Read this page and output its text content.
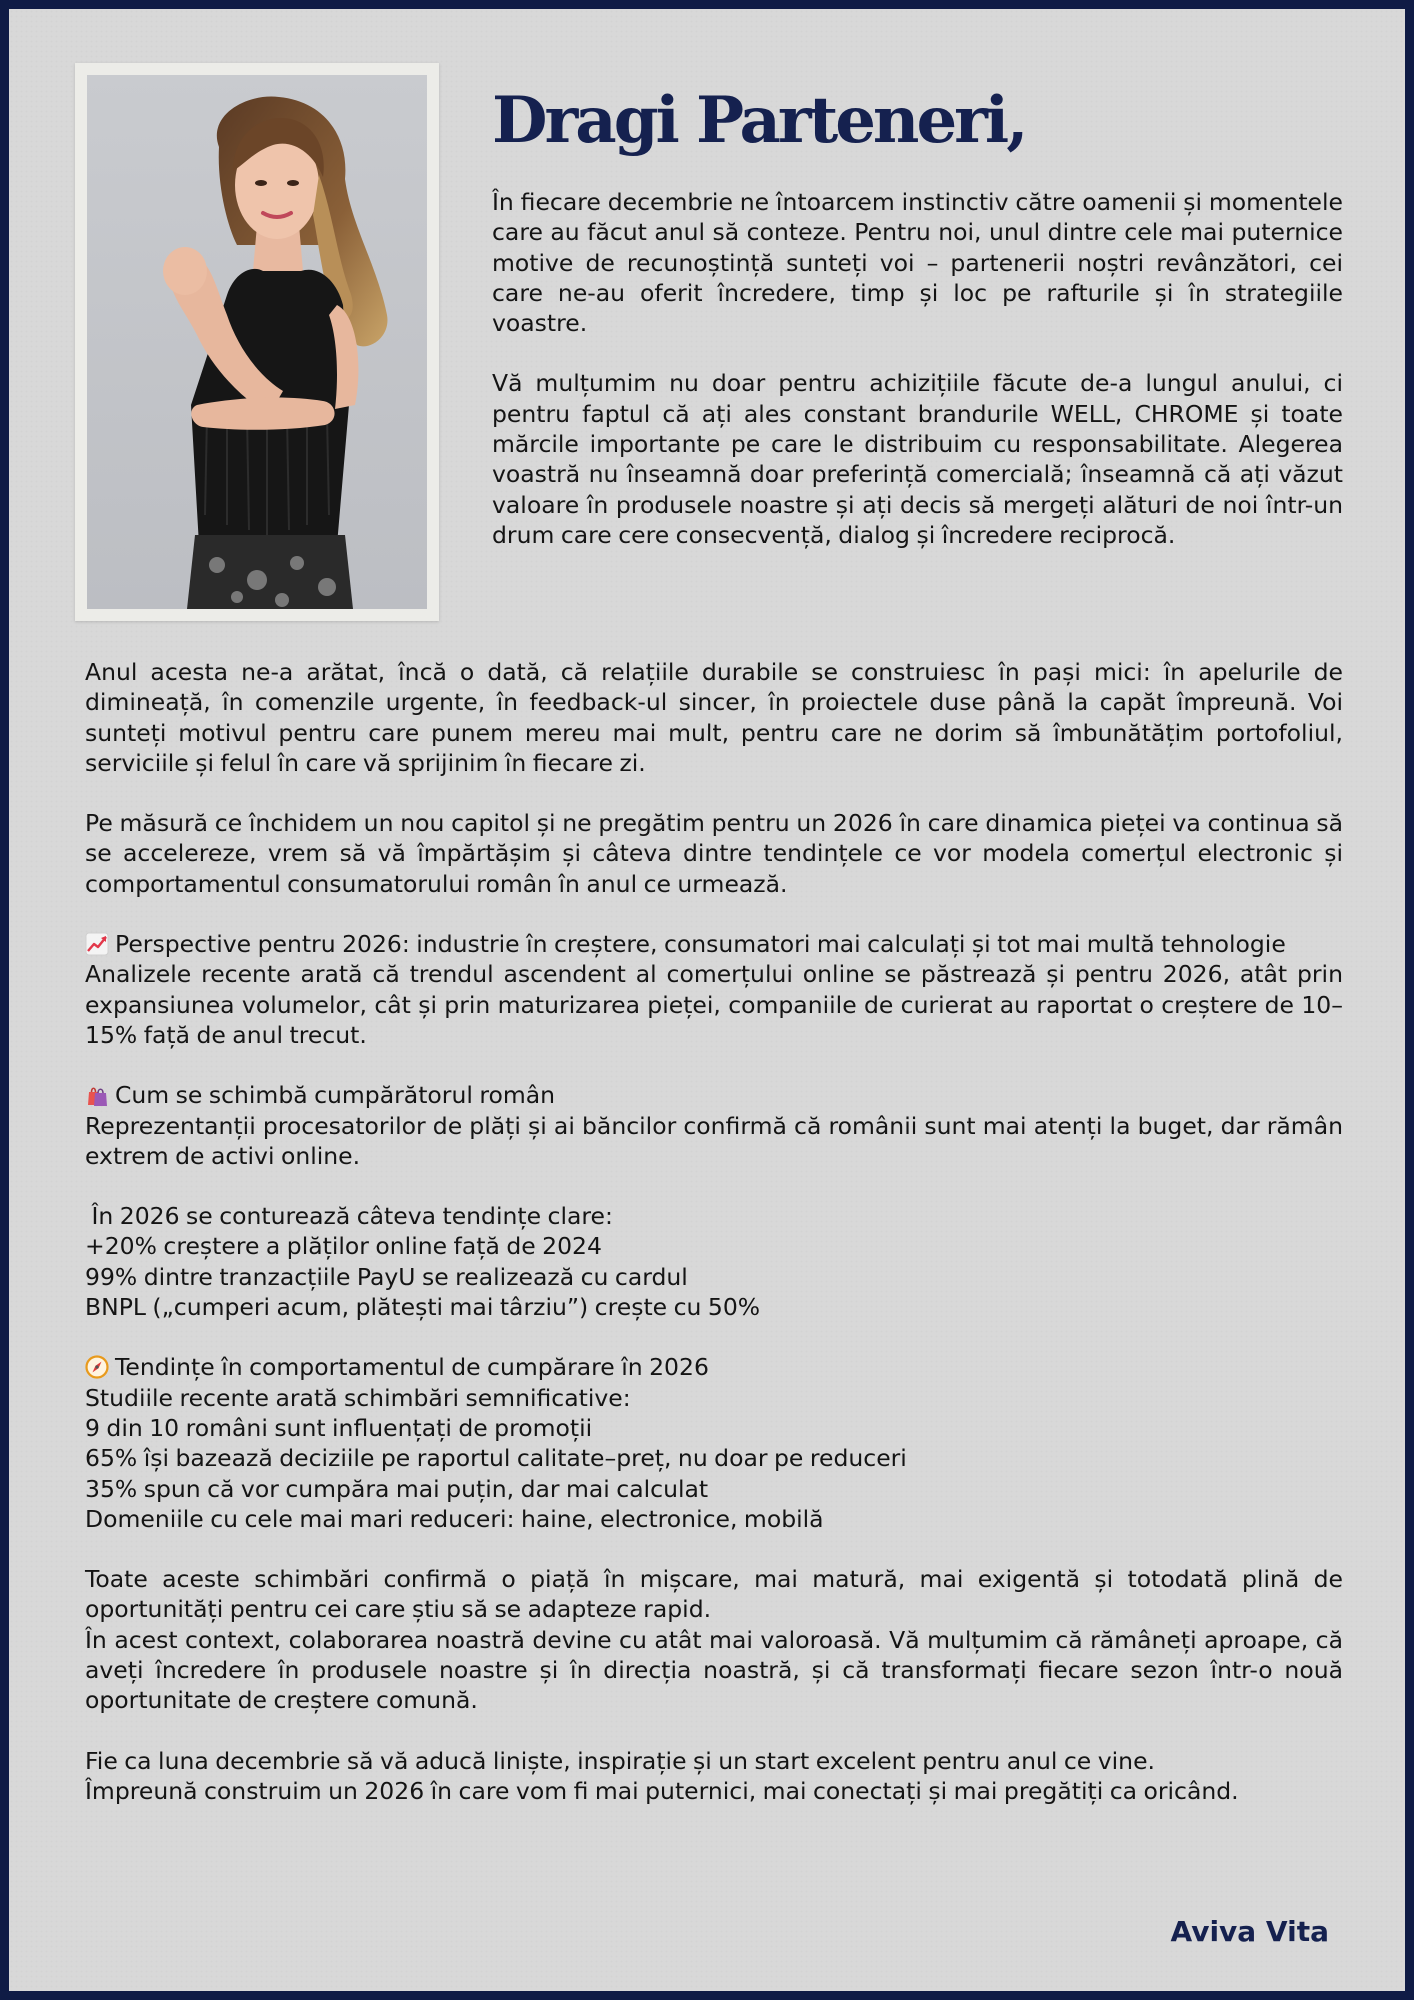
Dragi Parteneri,

În fiecare decembrie ne întoarcem instinctiv către oamenii și momentele care au făcut anul să conteze. Pentru noi, unul dintre cele mai puternice motive de recunoștință sunteți voi – partenerii noștri revânzători, cei care ne-au oferit încredere, timp și loc pe rafturile și în strategiile voastre.

Vă mulțumim nu doar pentru achizițiile făcute de-a lungul anului, ci pentru faptul că ați ales constant brandurile WELL, CHROME și toate mărcile importante pe care le distribuim cu responsabilitate. Alegerea voastră nu înseamnă doar preferință comercială; înseamnă că ați văzut valoare în produsele noastre și ați decis să mergeți alături de noi într-un drum care cere consecvență, dialog și încredere reciprocă.

Anul acesta ne-a arătat, încă o dată, că relațiile durabile se construiesc în pași mici: în apelurile de dimineață, în comenzile urgente, în feedback-ul sincer, în proiectele duse până la capăt împreună. Voi sunteți motivul pentru care punem mereu mai mult, pentru care ne dorim să îmbunătățim portofoliul, serviciile și felul în care vă sprijinim în fiecare zi.

Pe măsură ce închidem un nou capitol și ne pregătim pentru un 2026 în care dinamica pieței va continua să se accelereze, vrem să vă împărtășim și câteva dintre tendințele ce vor modela comerțul electronic și comportamentul consumatorului român în anul ce urmează.

Perspective pentru 2026: industrie în creștere, consumatori mai calculați și tot mai multă tehnologie

Analizele recente arată că trendul ascendent al comerțului online se păstrează și pentru 2026, atât prin expansiunea volumelor, cât și prin maturizarea pieței, companiile de curierat au raportat o creștere de 10–15% față de anul trecut.

Cum se schimbă cumpărătorul român

Reprezentanții procesatorilor de plăți și ai băncilor confirmă că românii sunt mai atenți la buget, dar rămân extrem de activi online.

În 2026 se conturează câteva tendințe clare:

+20% creștere a plăților online față de 2024

99% dintre tranzacțiile PayU se realizează cu cardul

BNPL („cumperi acum, plătești mai târziu”) crește cu 50%

Tendințe în comportamentul de cumpărare în 2026

Studiile recente arată schimbări semnificative:

9 din 10 români sunt influențați de promoții

65% își bazează deciziile pe raportul calitate–preț, nu doar pe reduceri

35% spun că vor cumpăra mai puțin, dar mai calculat

Domeniile cu cele mai mari reduceri: haine, electronice, mobilă

Toate aceste schimbări confirmă o piață în mișcare, mai matură, mai exigentă și totodată plină de oportunități pentru cei care știu să se adapteze rapid.

În acest context, colaborarea noastră devine cu atât mai valoroasă. Vă mulțumim că rămâneți aproape, că aveți încredere în produsele noastre și în direcția noastră, și că transformați fiecare sezon într-o nouă oportunitate de creștere comună.

Fie ca luna decembrie să vă aducă liniște, inspirație și un start excelent pentru anul ce vine.
Împreună construim un 2026 în care vom fi mai puternici, mai conectați și mai pregătiți ca oricând.

Aviva Vita
